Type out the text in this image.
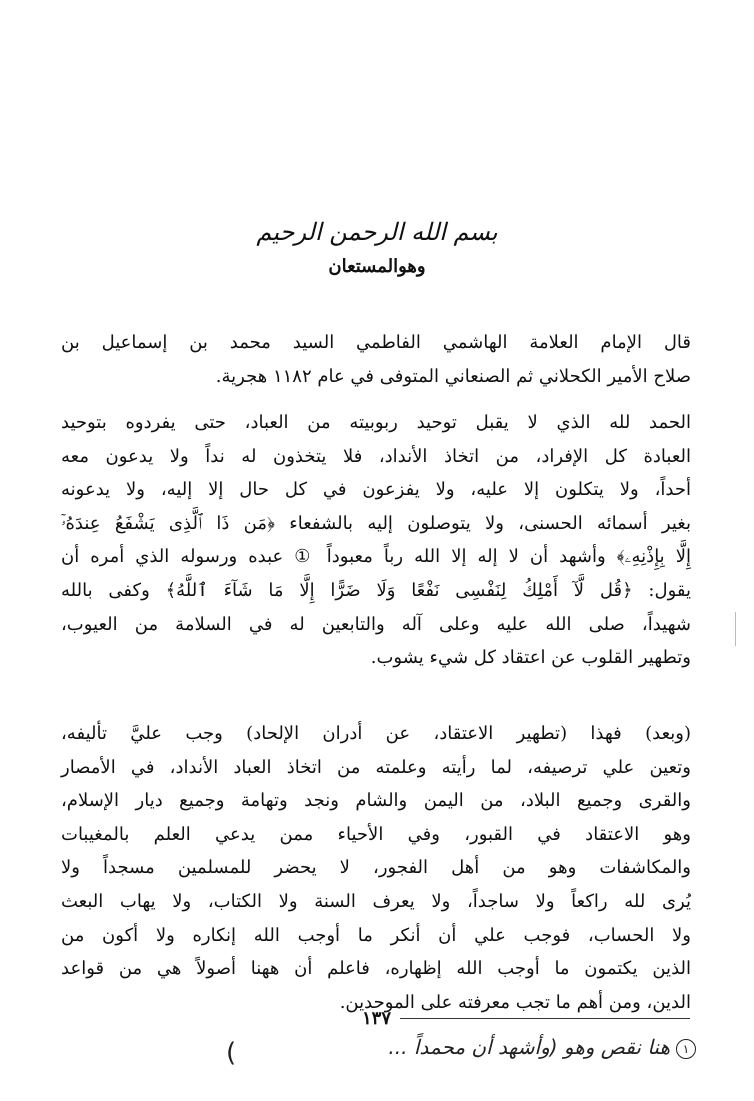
بسم الله الرحمن الرحيم
وهوالمستعان
قال الإمام العلامة الهاشمي الفاطمي السيد محمد بن إسماعيل بن
صلاح الأمير الكحلاني ثم الصنعاني المتوفى في عام ١١٨٢ هجرية.
الحمد لله الذي لا يقبل توحيد ربوبيته من العباد، حتى يفردوه بتوحيد
العبادة كل الإفراد، من اتخاذ الأنداد، فلا يتخذون له نداً ولا يدعون معه
أحداً، ولا يتكلون إلا عليه، ولا يفزعون في كل حال إلا إليه، ولا يدعونه
بغير أسمائه الحسنى، ولا يتوصلون إليه بالشفعاء ﴿مَن ذَا ٱلَّذِى يَشْفَعُ عِندَهُۥٓ
إِلَّا بِإِذْنِهِۦ﴾ وأشهد أن لا إله إلا الله رباً معبوداً ① عبده ورسوله الذي أمره أن
يقول: ﴿قُل لَّآ أَمْلِكُ لِنَفْسِى نَفْعًا وَلَا ضَرًّا إِلَّا مَا شَآءَ ٱللَّهُ﴾ وكفى بالله
شهيداً، صلى الله عليه وعلى آله والتابعين له في السلامة من العيوب،
وتطهير القلوب عن اعتقاد كل شيء يشوب.
(وبعد) فهذا (تطهير الاعتقاد، عن أدران الإلحاد) وجب عليَّ تأليفه،
وتعين علي ترصيفه، لما رأيته وعلمته من اتخاذ العباد الأنداد، في الأمصار
والقرى وجميع البلاد، من اليمن والشام ونجد وتهامة وجميع ديار الإسلام،
وهو الاعتقاد في القبور، وفي الأحياء ممن يدعي العلم بالمغيبات
والمكاشفات وهو من أهل الفجور، لا يحضر للمسلمين مسجداً ولا
يُرى لله راكعاً ولا ساجداً، ولا يعرف السنة ولا الكتاب، ولا يهاب البعث
ولا الحساب، فوجب علي أن أنكر ما أوجب الله إنكاره ولا أكون من
الذين يكتمون ما أوجب الله إظهاره، فاعلم أن ههنا أصولاً هي من قواعد
الدين، ومن أهم ما تجب معرفته على الموحدين.
١٣٧
١هنا نقص وهو (وأشهد أن محمداً ...
)
